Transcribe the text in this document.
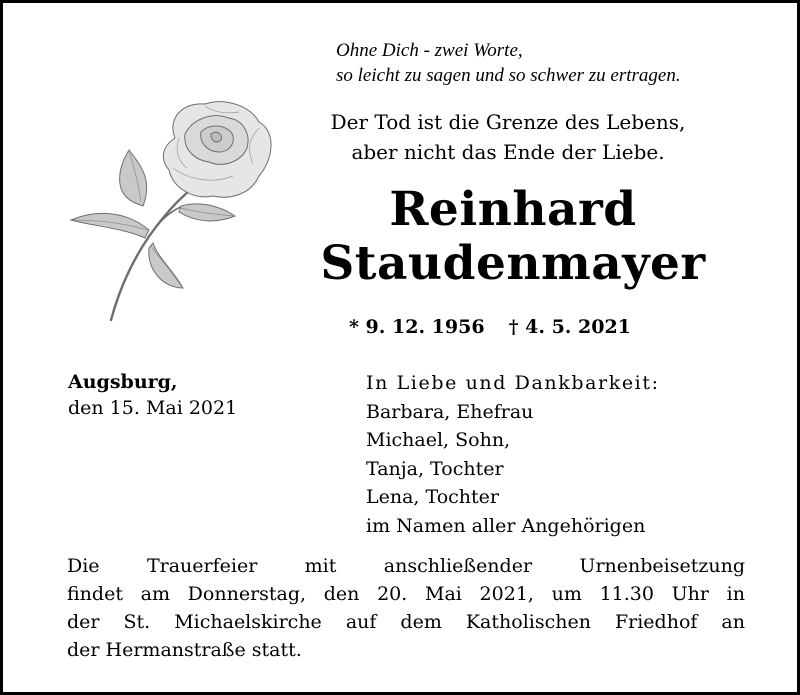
Ohne Dich - zwei Worte,
so leicht zu sagen und so schwer zu ertragen.
Der Tod ist die Grenze des Lebens,
aber nicht das Ende der Liebe.
Reinhard
Staudenmayer
* 9. 12. 1956 † 4. 5. 2021
Augsburg,
den 15. Mai 2021
In Liebe und Dankbarkeit:
Barbara, Ehefrau
Michael, Sohn,
Tanja, Tochter
Lena, Tochter
im Namen aller Angehörigen
Die Trauerfeier mit anschließender Urnenbeisetzung
findet am Donnerstag, den 20. Mai 2021, um 11.30 Uhr in
der St. Michaelskirche auf dem Katholischen Friedhof an
der Hermanstraße statt.
